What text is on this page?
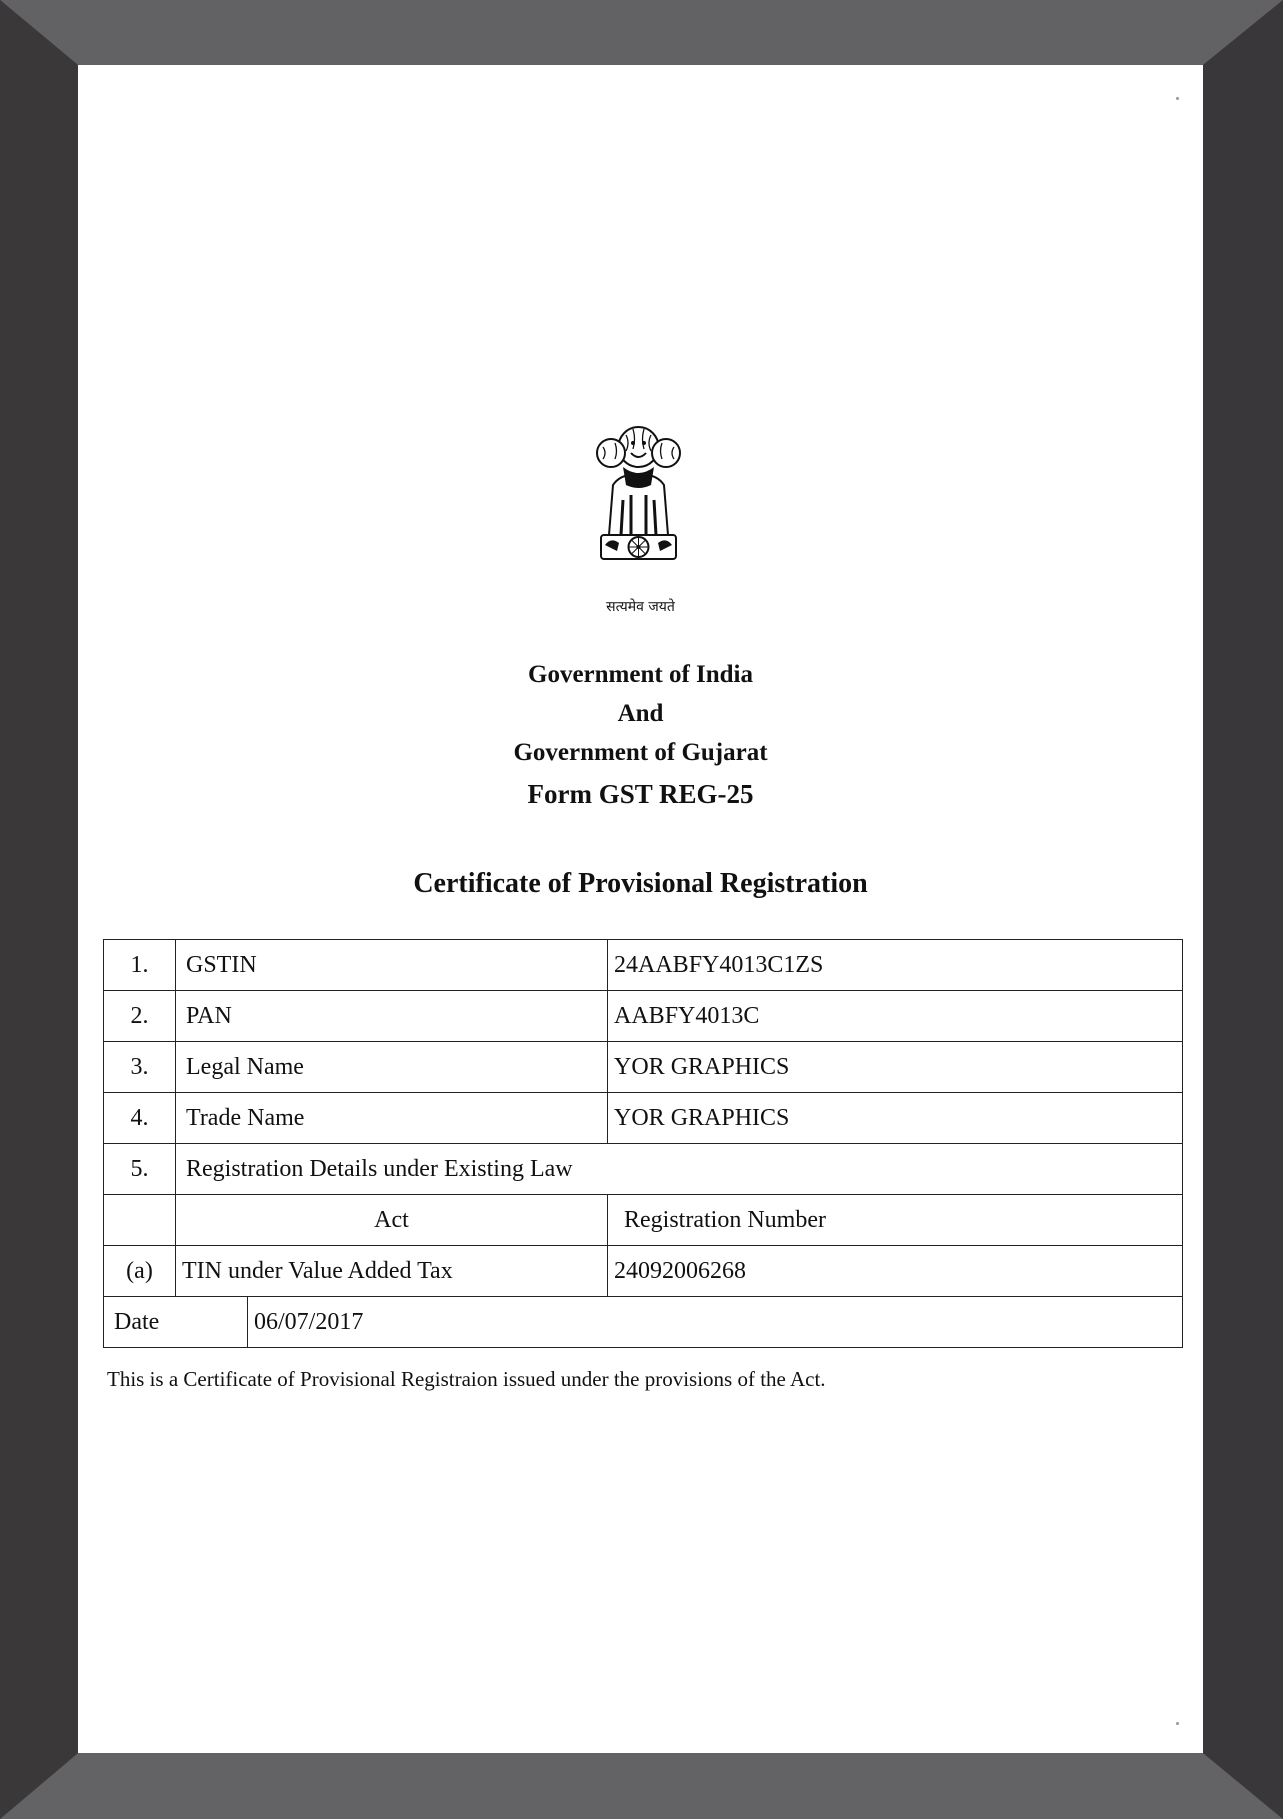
सत्यमेव जयते
Government of India
And
Government of Gujarat
Form GST REG-25
Certificate of Provisional Registration
1.	GSTIN		24AABFY4013C1ZS
2.	PAN		AABFY4013C
3.	Legal Name		YOR GRAPHICS
4.	Trade Name		YOR GRAPHICS
5.	Registration Details under Existing Law		
	Act		Registration Number
(a)	TIN under Value Added Tax		24092006268
Date		06/07/2017	
This is a Certificate of Provisional Registraion issued under the provisions of the Act.
